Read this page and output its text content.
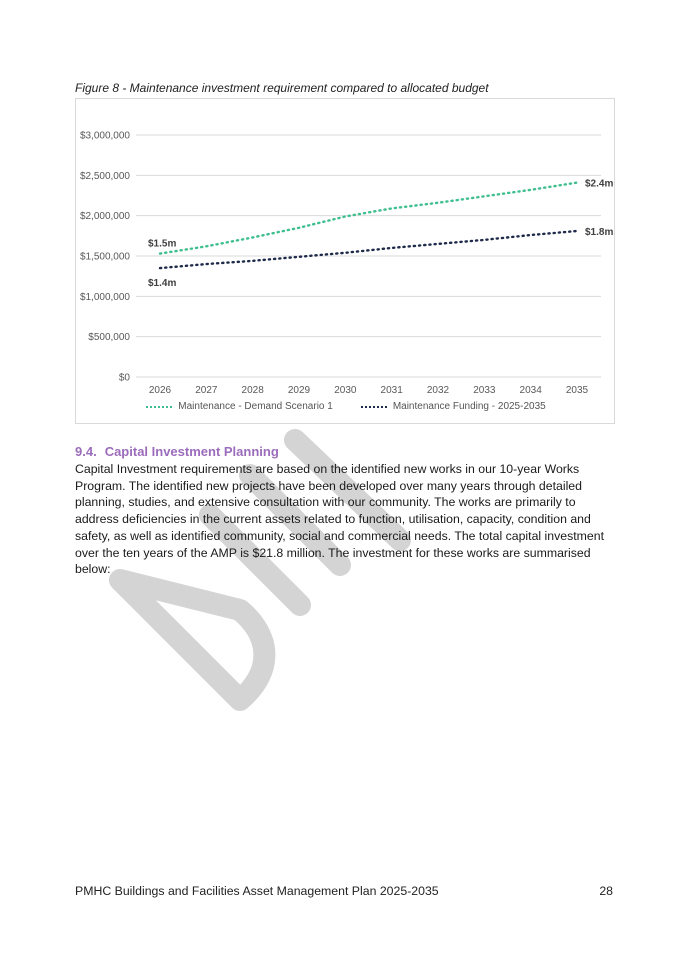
Figure 8 - Maintenance investment requirement compared to allocated budget
$0
$500,000
$1,000,000
$1,500,000
$2,000,000
$2,500,000
$3,000,000
2026 2027 2028 2029 2030 2031 2032 2033 2034 2035
$1.5m
$2.4m
$1.4m
$1.8m
Maintenance - Demand Scenario 1	Maintenance Funding - 2025-2035
9.4. Capital Investment Planning
Capital Investment requirements are based on the identified new works in our 10-year Works Program. The identified new projects have been developed over many years through detailed planning, studies, and extensive consultation with our community. The works are primarily to address deficiencies in the current assets related to function, utilisation, capacity, condition and safety, as well as identified community, social and commercial needs. The total capital investment over the ten years of the AMP is $21.8 million. The investment for these works are summarised below:
PMHC Buildings and Facilities Asset Management Plan 2025-2035	28
